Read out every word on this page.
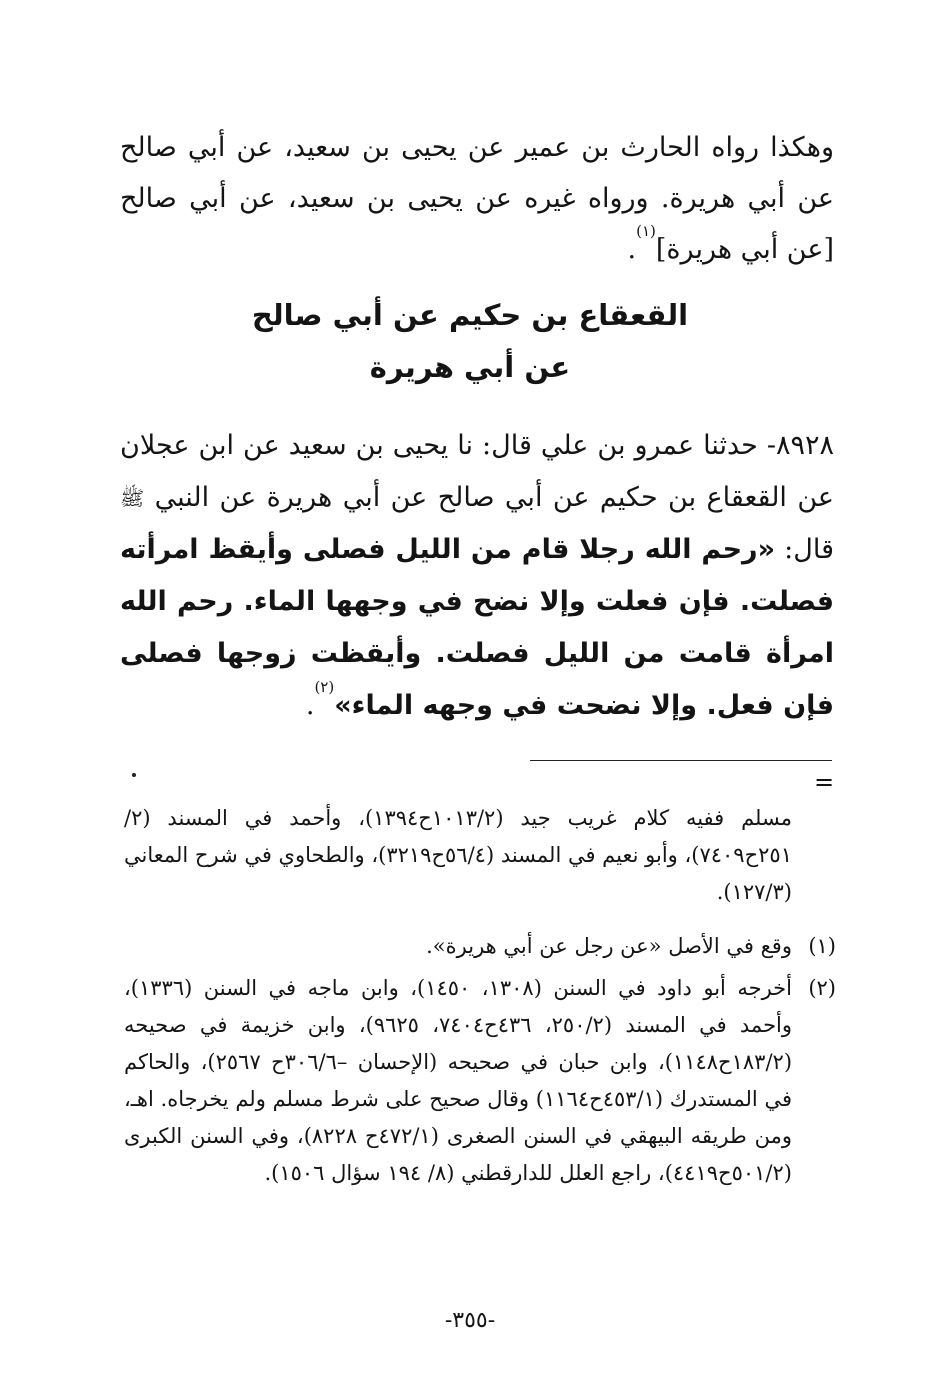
وهكذا رواه الحارث بن عمير عن يحيى بن سعيد، عن أبي صالح عن أبي هريرة. ورواه غيره عن يحيى بن سعيد، عن أبي صالح [عن أبي هريرة]$^{(١)}$.

القعقاع بن حكيم عن أبي صالح
عن أبي هريرة

٨٩٢٨- حدثنا عمرو بن علي قال: نا يحيى بن سعيد عن ابن عجلان عن القعقاع بن حكيم عن أبي صالح عن أبي هريرة عن النبي $^ﷺ$ قال: «رحم الله رجلا قام من الليل فصلى وأيقظ امرأته فصلت. فإن فعلت وإلا نضح في وجهها الماء. رحم الله امرأة قامت من الليل فصلت. وأيقظت زوجها فصلى فإن فعل. وإلا نضحت في وجهه الماء»$^{(٢)}$.

=

مسلم ففيه كلام غريب جيد (١٠١٣/٢ح١٣٩٤)، وأحمد في المسند (٢/ ٢٥١ح٧٤٠٩)، وأبو نعيم في المسند (٥٦/٤ح٣٢١٩)، والطحاوي في شرح المعاني (١٢٧/٣).

(١)
وقع في الأصل «عن رجل عن أبي هريرة».
(٢)
أخرجه أبو داود في السنن (١٣٠٨، ١٤٥٠)، وابن ماجه في السنن (١٣٣٦)، وأحمد في المسند (٢٥٠/٢، ٤٣٦ح٧٤٠٤، ٩٦٢٥)، وابن خزيمة في صحيحه (١٨٣/٢ح١١٤٨)، وابن حبان في صحيحه (الإحسان –٣٠٦/٦ح ٢٥٦٧)، والحاكم في المستدرك (٤٥٣/١ح١١٦٤) وقال صحيح على شرط مسلم ولم يخرجاه. اهـ، ومن طريقه البيهقي في السنن الصغرى (٤٧٢/١ح ٨٢٢٨)، وفي السنن الكبرى (٥٠١/٢ح٤٤١٩)، راجع العلل للدارقطني (٨/ ١٩٤ سؤال ١٥٠٦).
-٣٥٥-
